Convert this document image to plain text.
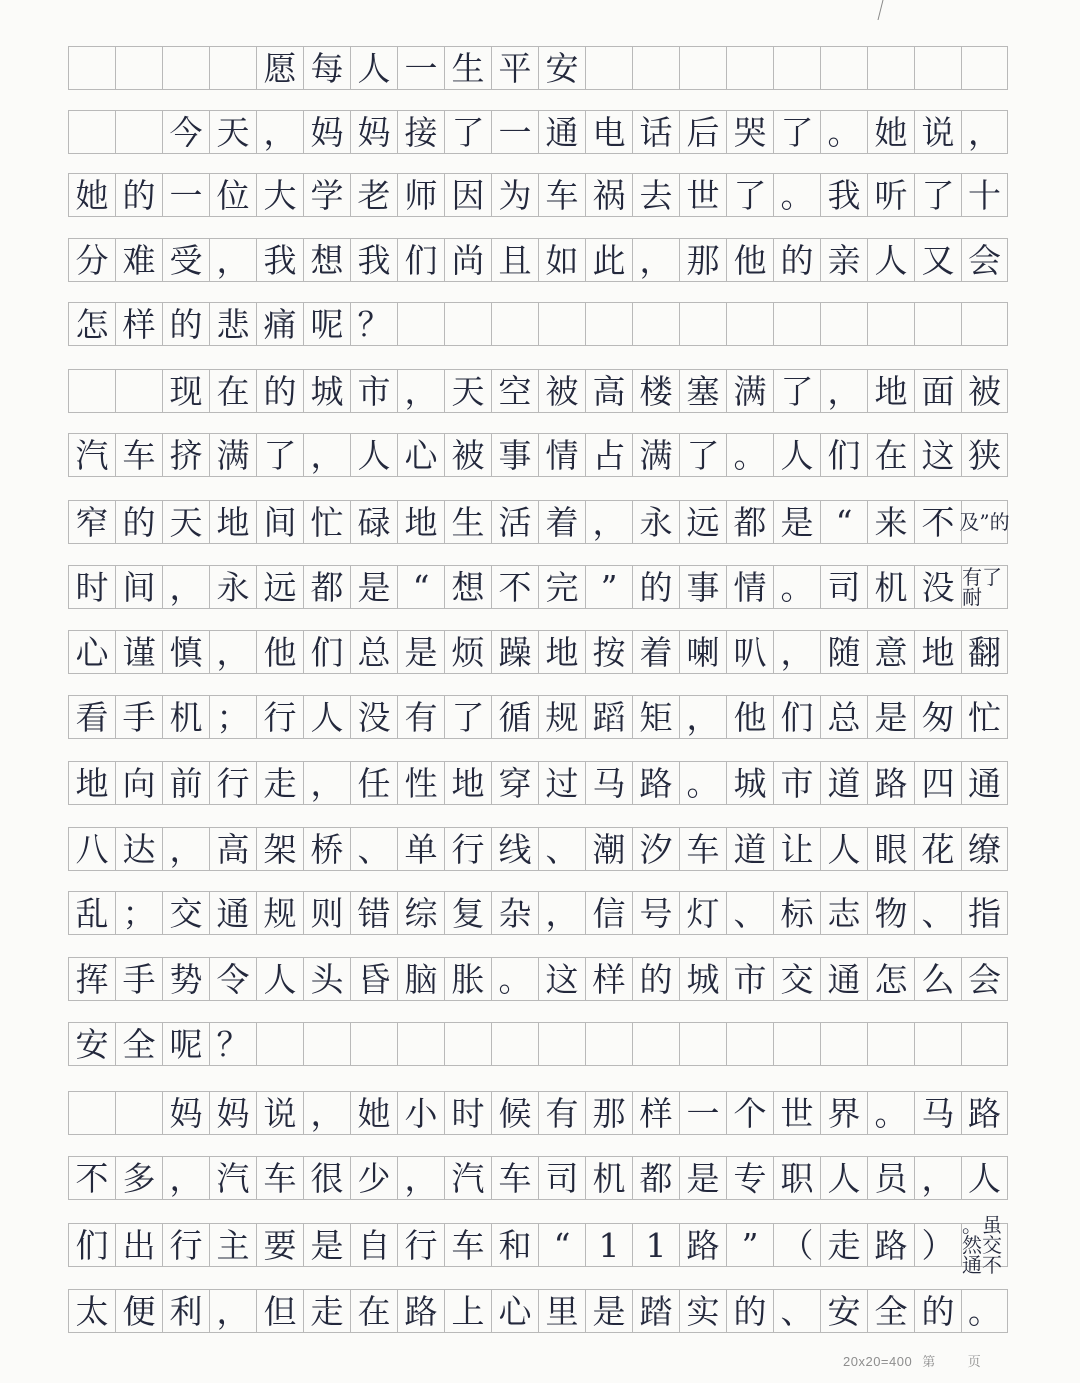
愿 每 人 一 生 平 安
今 天 ， 妈 妈 接 了 一 通 电 话 后 哭 了 。 她 说 ，
她 的 一 位 大 学 老 师 因 为 车 祸 去 世 了 。 我 听 了 十
分 难 受 ， 我 想 我 们 尚 且 如 此 ， 那 他 的 亲 人 又 会
怎 样 的 悲 痛 呢 ？
现 在 的 城 市 ， 天 空 被 高 楼 塞 满 了 ， 地 面 被
汽 车 挤 满 了 ， 人 心 被 事 情 占 满 了 。 人 们 在 这 狭
窄 的 天 地 间 忙 碌 地 生 活 着 ， 永 远 都 是 “ 来 不 及”的
时 间 ， 永 远 都 是 “ 想 不 完 ” 的 事 情 。 司 机 没 有了耐
心 谨 慎 ， 他 们 总 是 烦 躁 地 按 着 喇 叭 ， 随 意 地 翻
看 手 机 ； 行 人 没 有 了 循 规 蹈 矩 ， 他 们 总 是 匆 忙
地 向 前 行 走 ， 任 性 地 穿 过 马 路 。 城 市 道 路 四 通
八 达 ， 高 架 桥 、 单 行 线 、 潮 汐 车 道 让 人 眼 花 缭
乱 ； 交 通 规 则 错 综 复 杂 ， 信 号 灯 、 标 志 物 、 指
挥 手 势 令 人 头 昏 脑 胀 。 这 样 的 城 市 交 通 怎 么 会
安 全 呢 ？
妈 妈 说 ， 她 小 时 候 有 那 样 一 个 世 界 。 马 路
不 多 ， 汽 车 很 少 ， 汽 车 司 机 都 是 专 职 人 员 ， 人
们 出 行 主 要 是 自 行 车 和 “ 1 1 路 ” （ 走 路 ）
。虽然交通不
太 便 利 ， 但 走 在 路 上 心 里 是 踏 实 的 、 安 全 的 。
20x20=400 第 页
